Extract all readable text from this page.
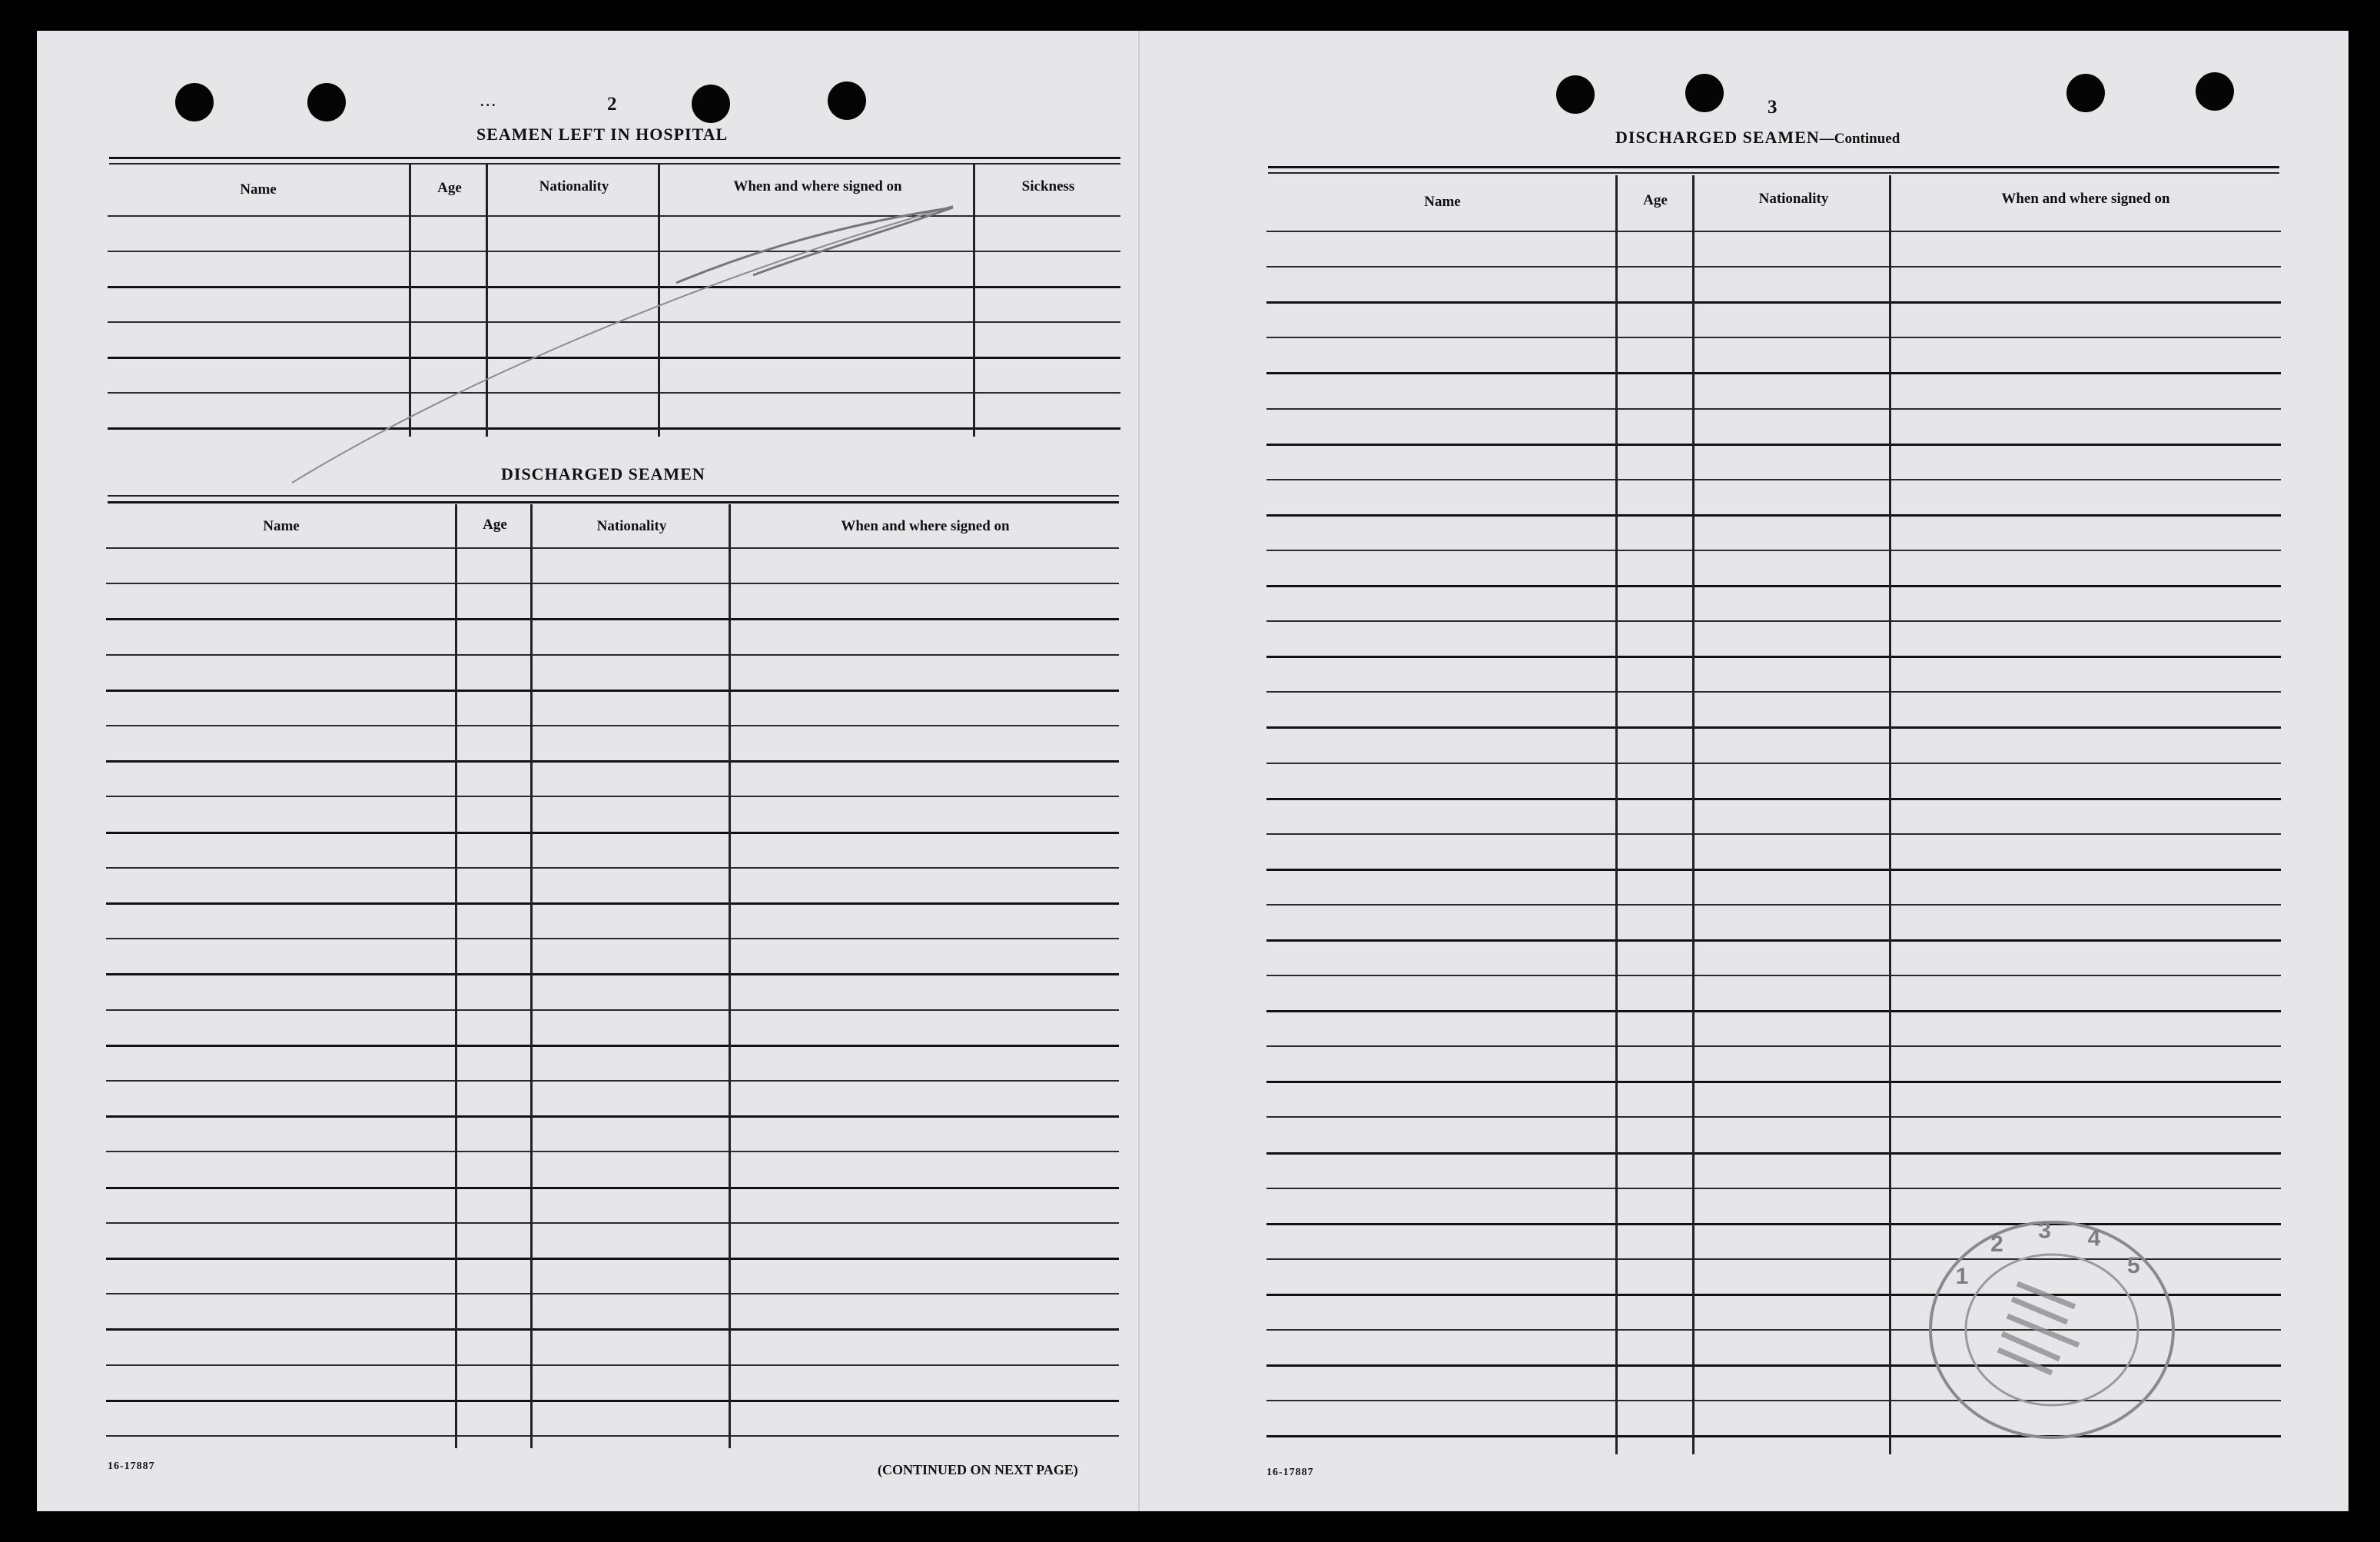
...	2
SEAMEN LEFT IN HOSPITAL
Name	Age	Nationality	When and where signed on	Sickness
DISCHARGED SEAMEN
Name	Age	Nationality	When and where signed on
16-17887	(CONTINUED ON NEXT PAGE)
3
DISCHARGED SEAMEN—Continued
Name	Age	Nationality	When and where signed on
16-17887
1
2
3 4
5
